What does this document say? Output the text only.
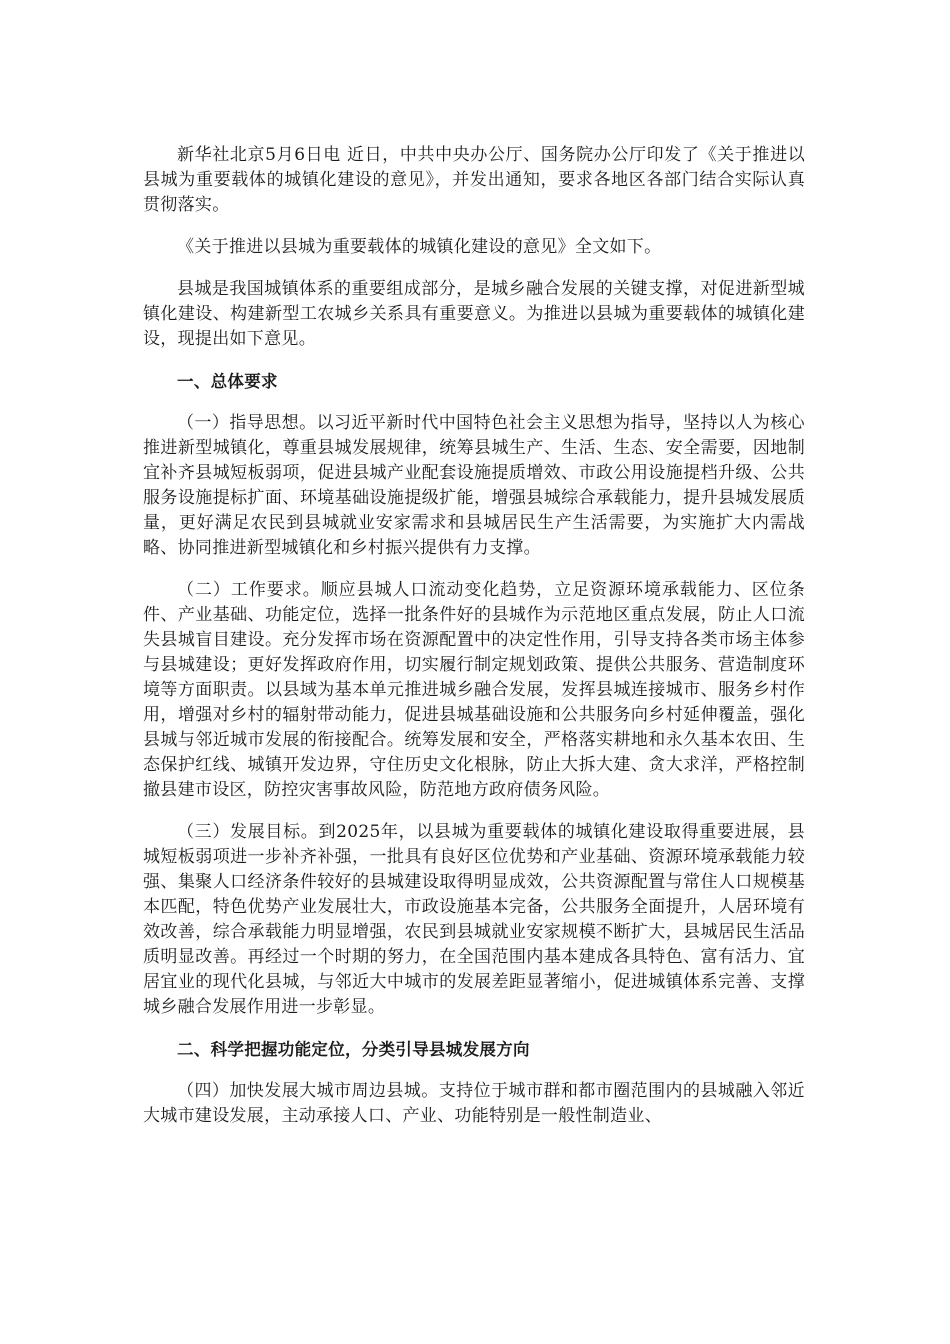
新华社北京5月6日电 近日，中共中央办公厅、国务院办公厅印发了《关于推进以县城为重要载体的城镇化建设的意见》，并发出通知，要求各地区各部门结合实际认真贯彻落实。

《关于推进以县城为重要载体的城镇化建设的意见》全文如下。

县城是我国城镇体系的重要组成部分，是城乡融合发展的关键支撑，对促进新型城镇化建设、构建新型工农城乡关系具有重要意义。为推进以县城为重要载体的城镇化建设，现提出如下意见。

一、总体要求

（一）指导思想。以习近平新时代中国特色社会主义思想为指导，坚持以人为核心推进新型城镇化，尊重县城发展规律，统筹县城生产、生活、生态、安全需要，因地制宜补齐县城短板弱项，促进县城产业配套设施提质增效、市政公用设施提档升级、公共服务设施提标扩面、环境基础设施提级扩能，增强县城综合承载能力，提升县城发展质量，更好满足农民到县城就业安家需求和县城居民生产生活需要，为实施扩大内需战略、协同推进新型城镇化和乡村振兴提供有力支撑。

（二）工作要求。顺应县城人口流动变化趋势，立足资源环境承载能力、区位条件、产业基础、功能定位，选择一批条件好的县城作为示范地区重点发展，防止人口流失县城盲目建设。充分发挥市场在资源配置中的决定性作用，引导支持各类市场主体参与县城建设；更好发挥政府作用，切实履行制定规划政策、提供公共服务、营造制度环境等方面职责。以县域为基本单元推进城乡融合发展，发挥县城连接城市、服务乡村作用，增强对乡村的辐射带动能力，促进县城基础设施和公共服务向乡村延伸覆盖，强化县城与邻近城市发展的衔接配合。统筹发展和安全，严格落实耕地和永久基本农田、生态保护红线、城镇开发边界，守住历史文化根脉，防止大拆大建、贪大求洋，严格控制撤县建市设区，防控灾害事故风险，防范地方政府债务风险。

（三）发展目标。到2025年，以县城为重要载体的城镇化建设取得重要进展，县城短板弱项进一步补齐补强，一批具有良好区位优势和产业基础、资源环境承载能力较强、集聚人口经济条件较好的县城建设取得明显成效，公共资源配置与常住人口规模基本匹配，特色优势产业发展壮大，市政设施基本完备，公共服务全面提升，人居环境有效改善，综合承载能力明显增强，农民到县城就业安家规模不断扩大，县城居民生活品质明显改善。再经过一个时期的努力，在全国范围内基本建成各具特色、富有活力、宜居宜业的现代化县城，与邻近大中城市的发展差距显著缩小，促进城镇体系完善、支撑城乡融合发展作用进一步彰显。

二、科学把握功能定位，分类引导县城发展方向

（四）加快发展大城市周边县城。支持位于城市群和都市圈范围内的县城融入邻近大城市建设发展，主动承接人口、产业、功能特别是一般性制造业、
